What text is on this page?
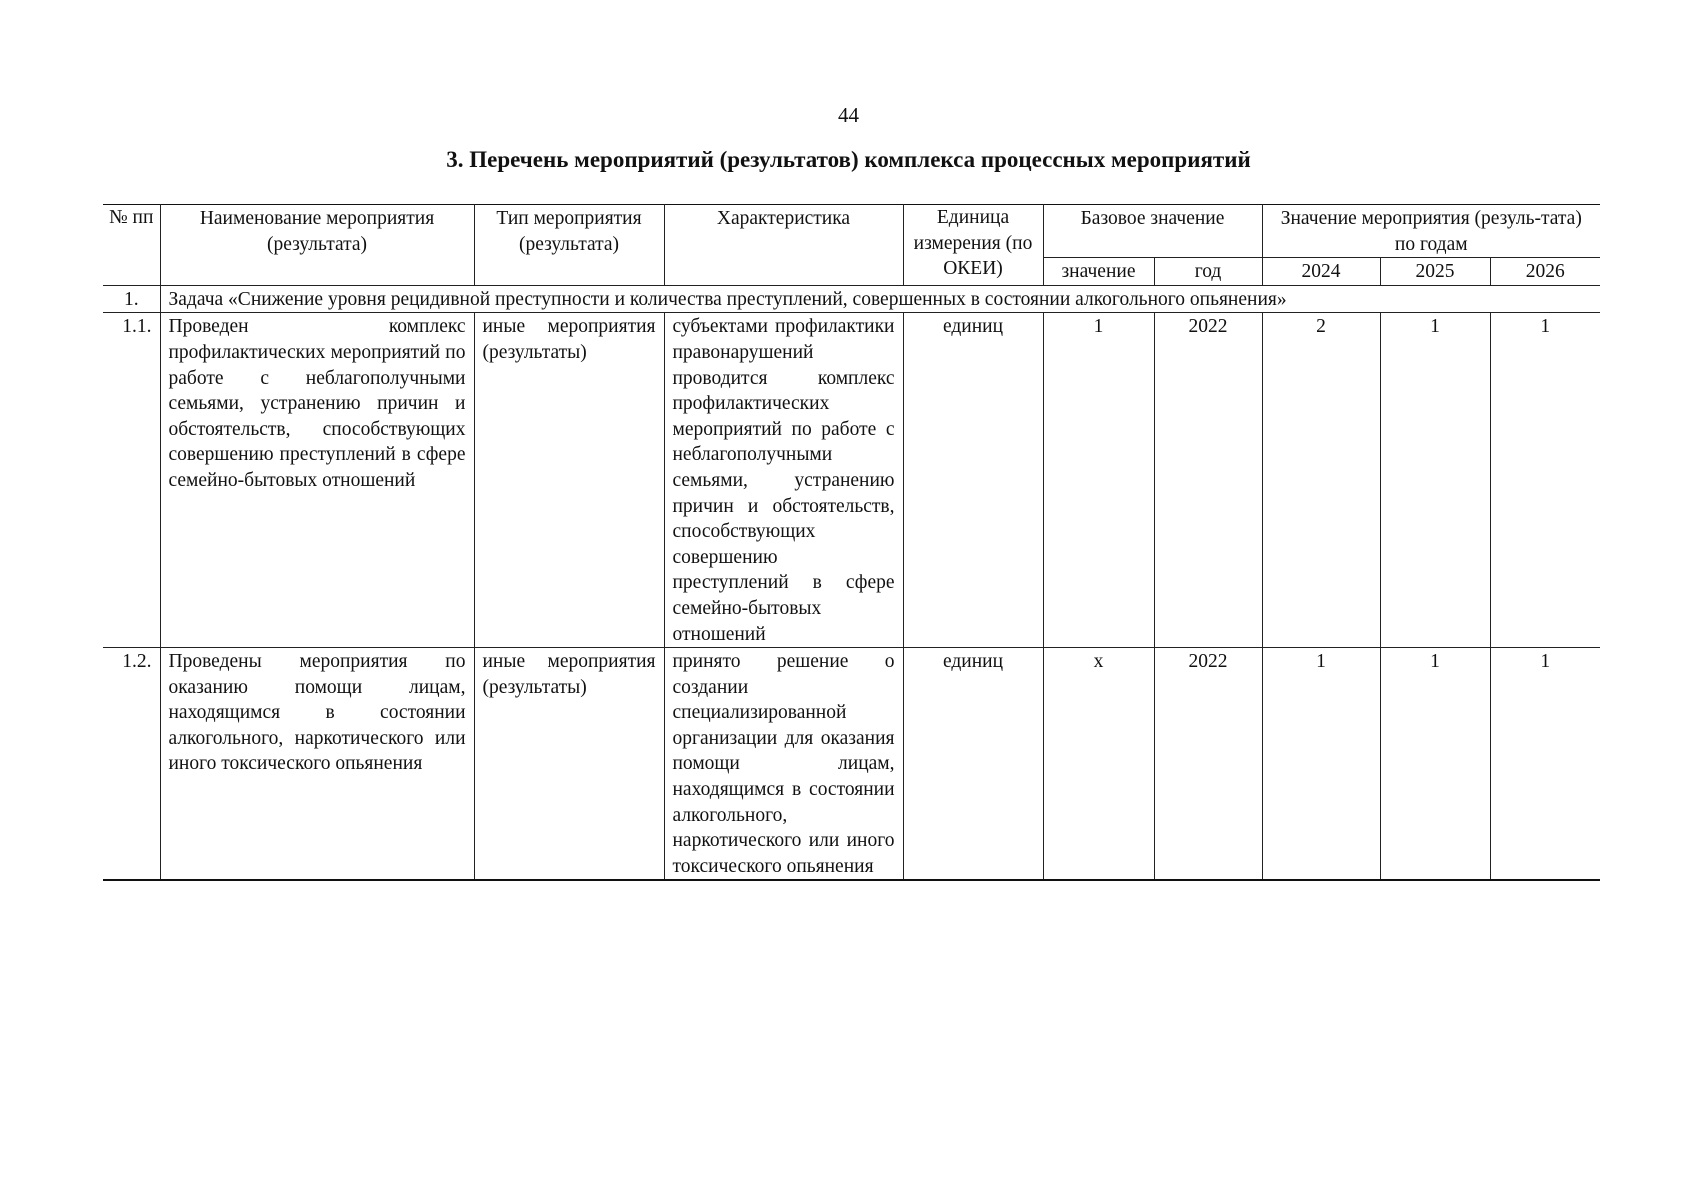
44
3. Перечень мероприятий (результатов) комплекса процессных мероприятий
№ пп	Наименование мероприятия (результата)	Тип мероприятия (результата)	Характеристика	Единица измерения (по ОКЕИ)	Базовое значение		Значение мероприятия (резуль-тата) по годам		
					значение	год	2024	2025	2026
1.	Задача «Снижение уровня рецидивной преступности и количества преступлений, совершенных в состоянии алкогольного опьянения»								
1.1.	Проведен комплекс профилактических мероприятий по работе с неблагополучными семьями, устранению причин и обстоятельств, способствующих совершению преступлений в сфере семейно-бытовых отношений	иные мероприятия (результаты)	субъектами профилактики правонарушений проводится комплекс профилактических мероприятий по работе с неблагополучными семьями, устранению причин и обстоятельств, способствующих совершению преступлений в сфере семейно-бытовых отношений	единиц	1	2022	2	1	1
1.2.	Проведены мероприятия по оказанию помощи лицам, находящимся в состоянии алкогольного, наркотического или иного токсического опьянения	иные мероприятия (результаты)	принято решение о создании специализированной организации для оказания помощи лицам, находящимся в состоянии алкогольного, наркотического или иного токсического опьянения	единиц	х	2022	1	1	1
